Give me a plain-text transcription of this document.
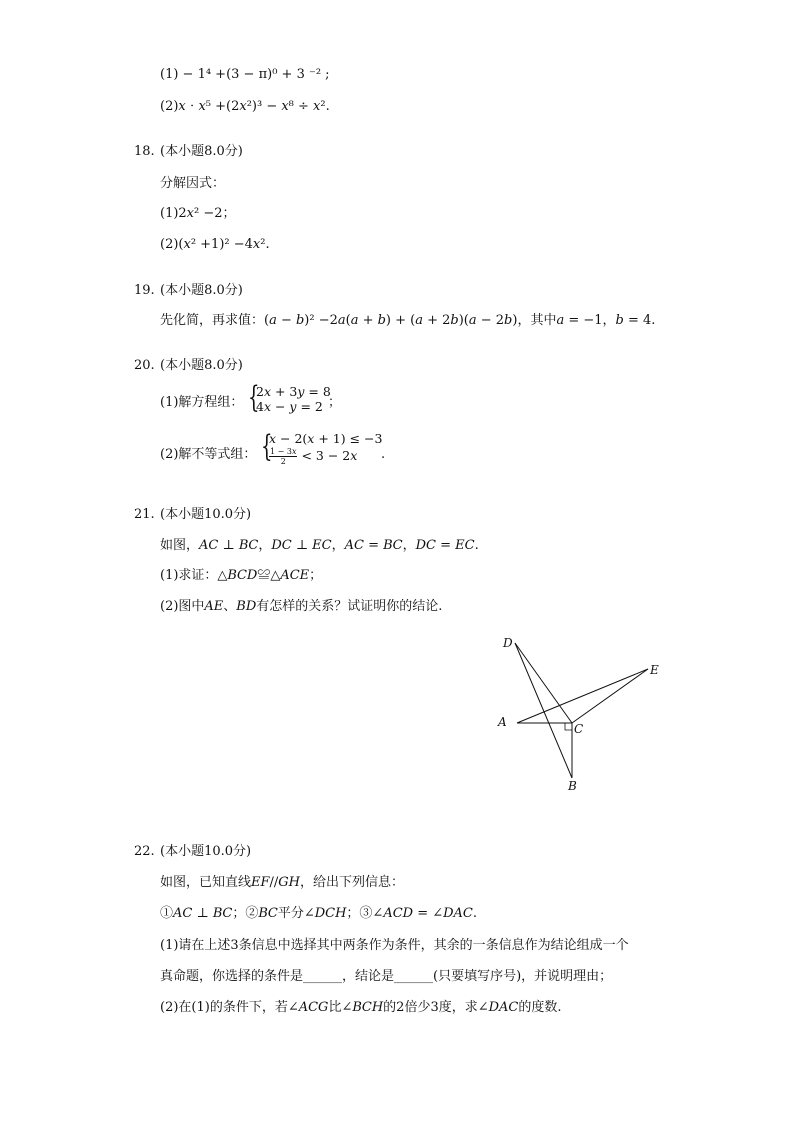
(1) − 1⁴ +(3 − π)⁰ + 3 ⁻² ;
(2)𝑥 ⋅ 𝑥⁵ +(2𝑥²)³ − 𝑥⁸ ÷ 𝑥².
18. (本小题8.0分)
分解因式：
(1)2𝑥² −2；
(2)(𝑥² +1)² −4𝑥².
19. (本小题8.0分)
先化简，再求值：(𝑎 − 𝑏)² −2𝑎(𝑎 + 𝑏) + (𝑎 + 2𝑏)(𝑎 − 2𝑏)，其中𝑎 = −1，𝑏 = 4.
20. (本小题8.0分)
(1)解方程组： {
2𝑥 + 3𝑦 = 8
4𝑥 − 𝑦 = 2 ；
(2)解不等式组： {
𝑥 − 2(𝑥 + 1) ≤ −3
$\frac{\text{1 − 3𝑥}}{2} < 3$ − 2𝑥 .
21. (本小题10.0分)
如图，𝐴𝐶 ⊥ 𝐵𝐶，𝐷𝐶 ⊥ 𝐸𝐶，𝐴𝐶 = 𝐵𝐶，𝐷𝐶 = 𝐸𝐶.
(1)求证：△𝐵𝐶𝐷≌△𝐴𝐶𝐸；
(2)图中𝐴𝐸、𝐵𝐷有怎样的关系？试证明你的结论.
D
E
A	C
B
22. (本小题10.0分)
如图，已知直线𝐸𝐹//𝐺𝐻，给出下列信息：
①𝐴𝐶 ⊥ 𝐵𝐶；②𝐵𝐶平分∠𝐷𝐶𝐻；③∠𝐴𝐶𝐷 = ∠𝐷𝐴𝐶.
(1)请在上述3条信息中选择其中两条作为条件，其余的一条信息作为结论组成一个
真命题，你选择的条件是______，结论是______(只要填写序号)，并说明理由；
(2)在(1)的条件下，若∠𝐴𝐶𝐺比∠𝐵𝐶𝐻的2倍少3度，求∠𝐷𝐴𝐶的度数.
